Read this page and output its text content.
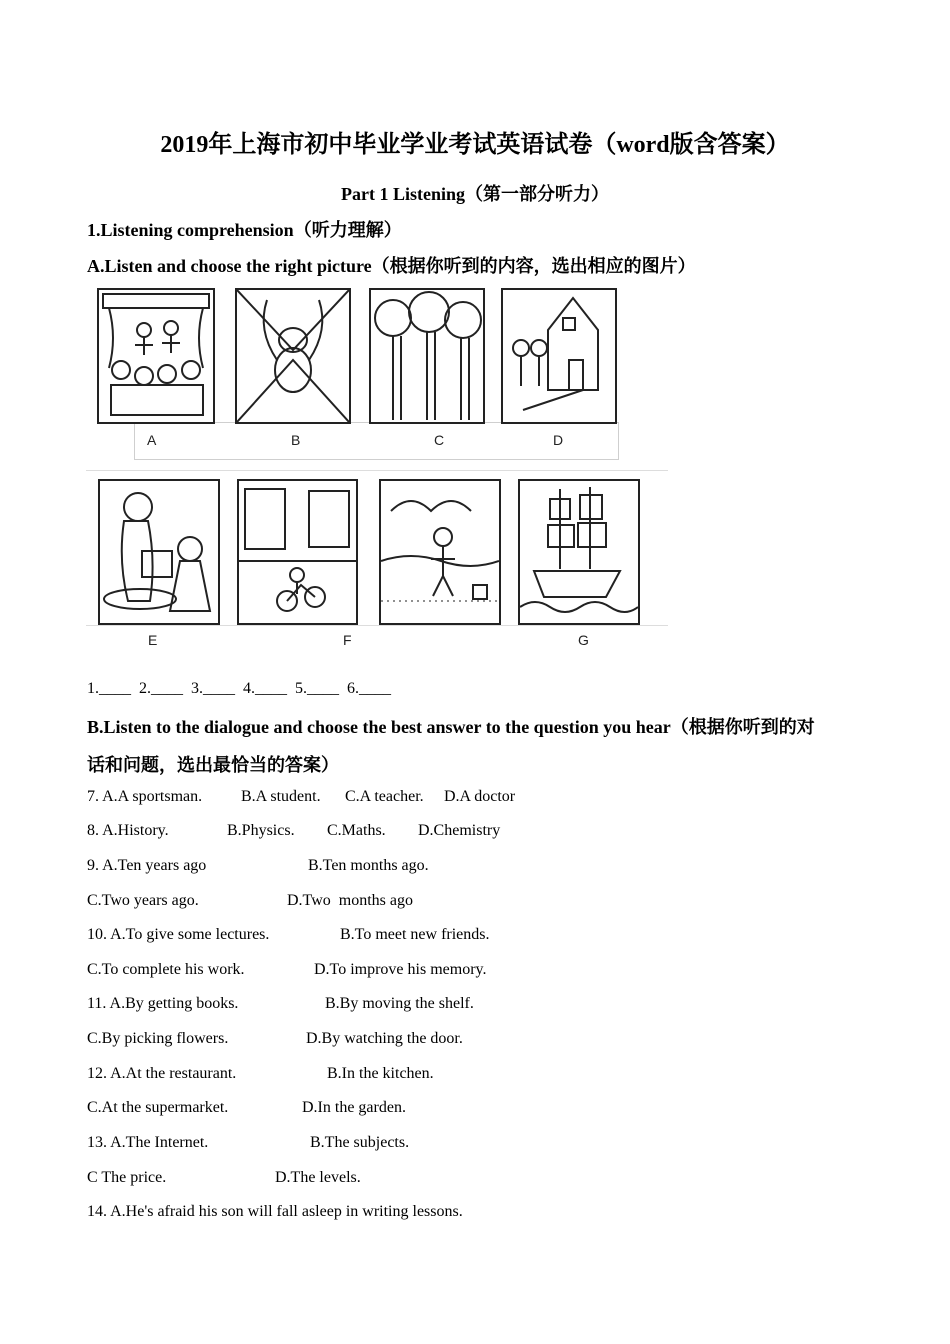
2019年上海市初中毕业学业考试英语试卷（word版含答案）
Part 1 Listening（第一部分听力）
1.Listening comprehension（听力理解）
A.Listen and choose the right picture（根据你听到的内容，选出相应的图片）
A	B	C	D
E	F	G
1.____  2.____  3.____  4.____  5.____  6.____
B.Listen to the dialogue and choose the best answer to the question you hear（根据你听到的对
话和问题，选出最恰当的答案）
7. A.A sportsman. B.A student. C.A teacher. D.A doctor
8. A.History.	B.Physics. C.Maths. D.Chemistry
9. A.Ten years ago	B.Ten months ago.
C.Two years ago.	D.Two  months ago
10. A.To give some lectures.	B.To meet new friends.
C.To complete his work.	D.To improve his memory.
11. A.By getting books.	B.By moving the shelf.
C.By picking flowers.	D.By watching the door.
12. A.At the restaurant.	B.In the kitchen.
C.At the supermarket.	D.In the garden.
13. A.The Internet.	B.The subjects.
C The price.	D.The levels.
14. A.He's afraid his son will fall asleep in writing lessons.
